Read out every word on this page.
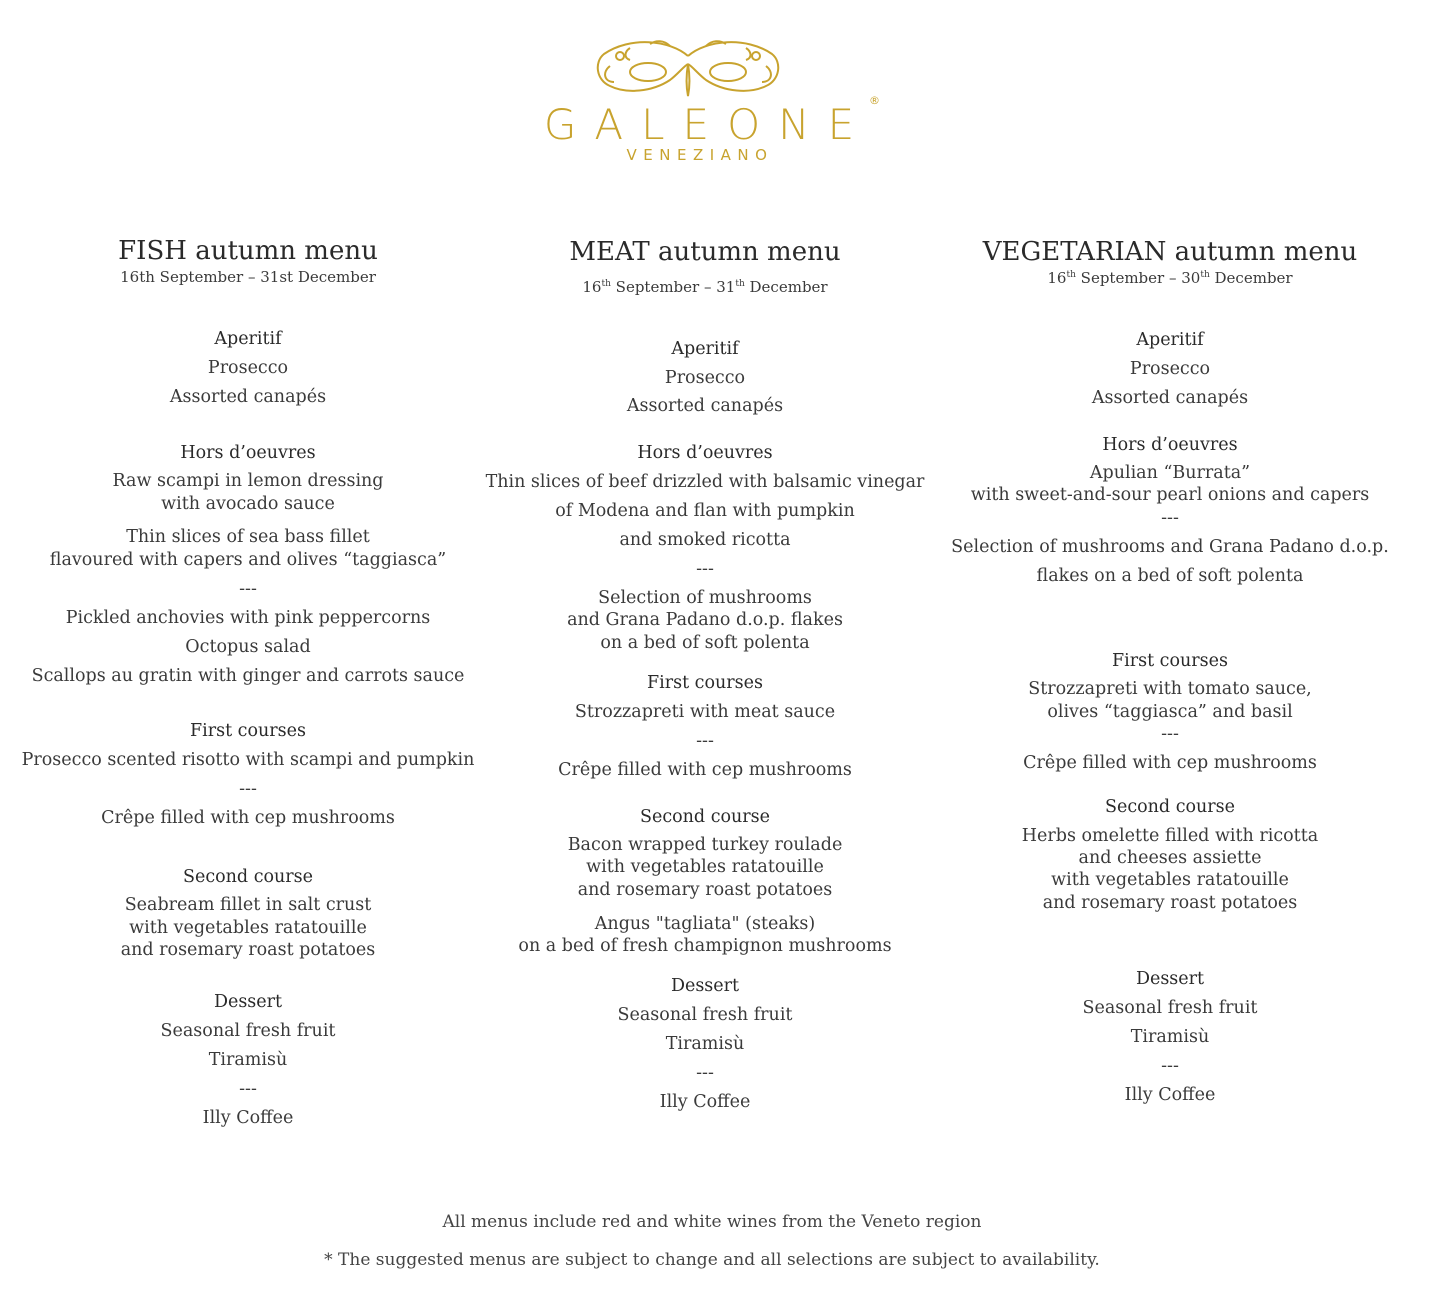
GALEONE
®
VENEZIANO
FISH autumn menu
16th September – 31st December
Aperitif
Prosecco
Assorted canapés
Hors d’oeuvres
Raw scampi in lemon dressing
with avocado sauce
Thin slices of sea bass fillet
flavoured with capers and olives “taggiasca”
---
Pickled anchovies with pink peppercorns
Octopus salad
Scallops au gratin with ginger and carrots sauce
First courses
Prosecco scented risotto with scampi and pumpkin
---
Crêpe filled with cep mushrooms
Second course
Seabream fillet in salt crust
with vegetables ratatouille
and rosemary roast potatoes
Dessert
Seasonal fresh fruit
Tiramisù
---
Illy Coffee
MEAT autumn menu
16th September – 31th December
Aperitif
Prosecco
Assorted canapés
Hors d’oeuvres
Thin slices of beef drizzled with balsamic vinegar
of Modena and flan with pumpkin
and smoked ricotta
---
Selection of mushrooms
and Grana Padano d.o.p. flakes
on a bed of soft polenta
First courses
Strozzapreti with meat sauce
---
Crêpe filled with cep mushrooms
Second course
Bacon wrapped turkey roulade
with vegetables ratatouille
and rosemary roast potatoes
Angus "tagliata" (steaks)
on a bed of fresh champignon mushrooms
Dessert
Seasonal fresh fruit
Tiramisù
---
Illy Coffee
VEGETARIAN autumn menu
16th September – 30th December
Aperitif
Prosecco
Assorted canapés
Hors d’oeuvres
Apulian “Burrata”
with sweet-and-sour pearl onions and capers
---
Selection of mushrooms and Grana Padano d.o.p.
flakes on a bed of soft polenta
First courses
Strozzapreti with tomato sauce,
olives “taggiasca” and basil
---
Crêpe filled with cep mushrooms
Second course
Herbs omelette filled with ricotta
and cheeses assiette
with vegetables ratatouille
and rosemary roast potatoes
Dessert
Seasonal fresh fruit
Tiramisù
---
Illy Coffee
All menus include red and white wines from the Veneto region
* The suggested menus are subject to change and all selections are subject to availability.
